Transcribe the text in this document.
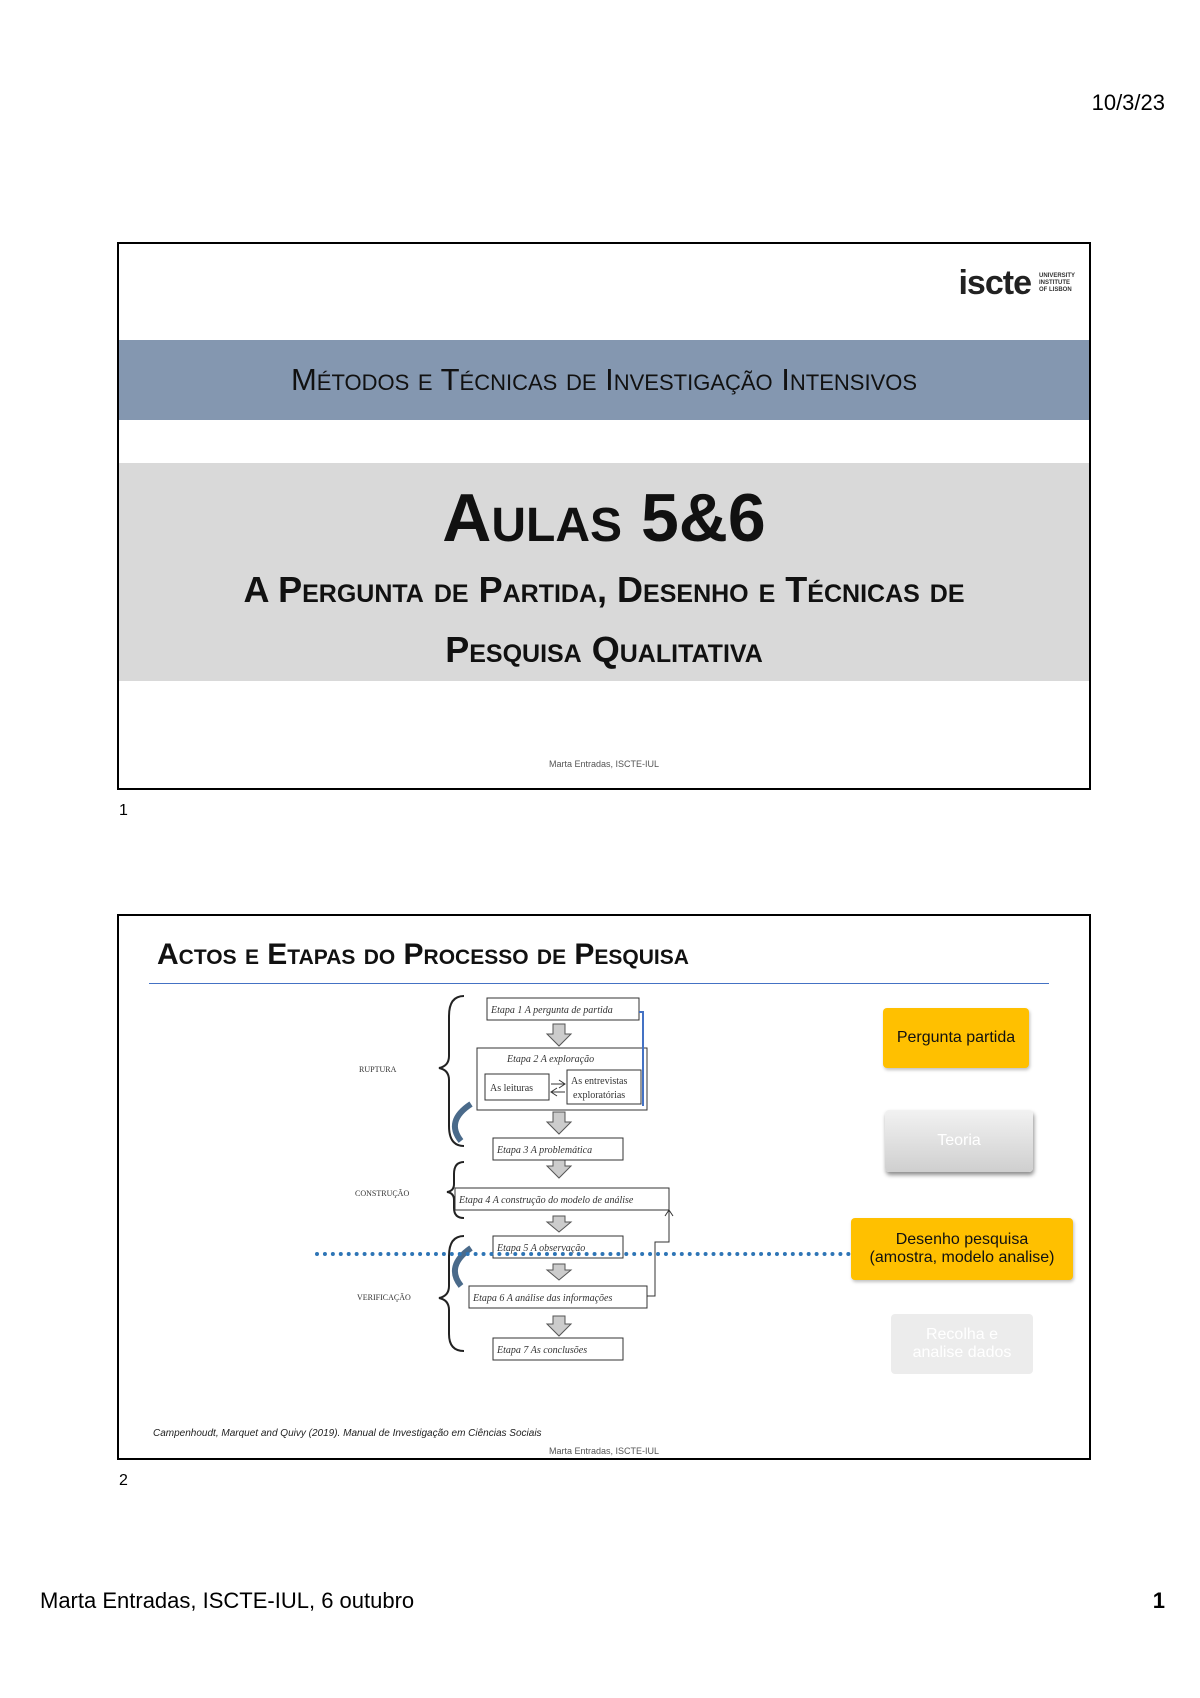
10/3/23
iscte UNIVERSITY
INSTITUTE
OF LISBON
Métodos e Técnicas de Investigação Intensivos
Aulas 5&6
A Pergunta de Partida, Desenho e Técnicas de
Pesquisa Qualitativa
Marta Entradas, ISCTE-IUL
1
Actos e Etapas do Processo de Pesquisa
RUPTURA
CONSTRUÇÃO
VERIFICAÇÃO
Etapa 1 A pergunta de partida
Etapa 2 A exploração
As leituras
As entrevistas
exploratórias
Etapa 3 A problemática
Etapa 4 A construção do modelo de análise
Etapa 5 A observação
Etapa 6 A análise das informações
Etapa 7 As conclusões
Pergunta partida
Teoria
Desenho pesquisa
(amostra, modelo analise)
Recolha e
analise dados
Campenhoudt, Marquet and Quivy (2019). Manual de Investigação em Ciências Sociais
Marta Entradas, ISCTE-IUL
2
Marta Entradas, ISCTE-IUL, 6 outubro	1
